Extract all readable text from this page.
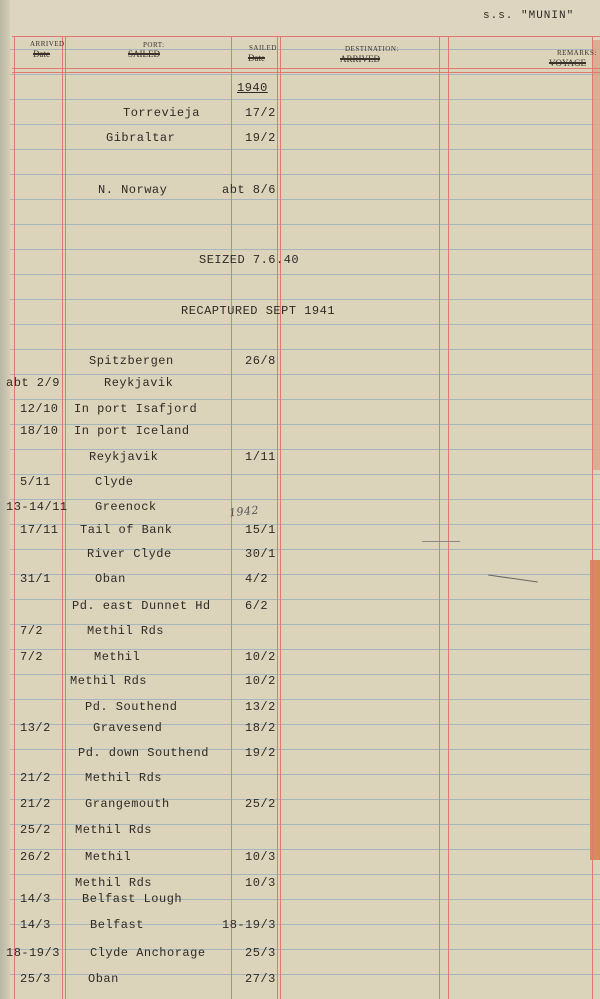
s.s. "MUNIN"
ARRIVED
Date
PORT:
SAILED
SAILED
Date
DESTINATION:
ARRIVED
REMARKS:
VOYAGE
1940
SEIZED 7.6.40
RECAPTURED SEPT 1941
1942
Torrevieja	17/2
Gibraltar	19/2
N. Norway	abt 8/6
Spitzbergen	26/8
abt 2/9	Reykjavik
12/10 In port Isafjord
18/10 In port Iceland
Reykjavik	1/11
5/11	Clyde
13-14/11 Greenock
17/11 Tail of Bank	15/1
River Clyde	30/1
31/1	Oban	4/2
Pd. east Dunnet Hd	6/2
7/2	Methil Rds
7/2	Methil	10/2
Methil Rds	10/2
Pd. Southend	13/2
13/2	Gravesend	18/2
Pd. down Southend	19/2
21/2	Methil Rds
21/2	Grangemouth	25/2
25/2 Methil Rds
26/2	Methil	10/3
Methil Rds	10/3
14/3	Belfast Lough
14/3	Belfast	18-19/3
18-19/3	Clyde Anchorage	25/3
25/3	Oban	27/3
